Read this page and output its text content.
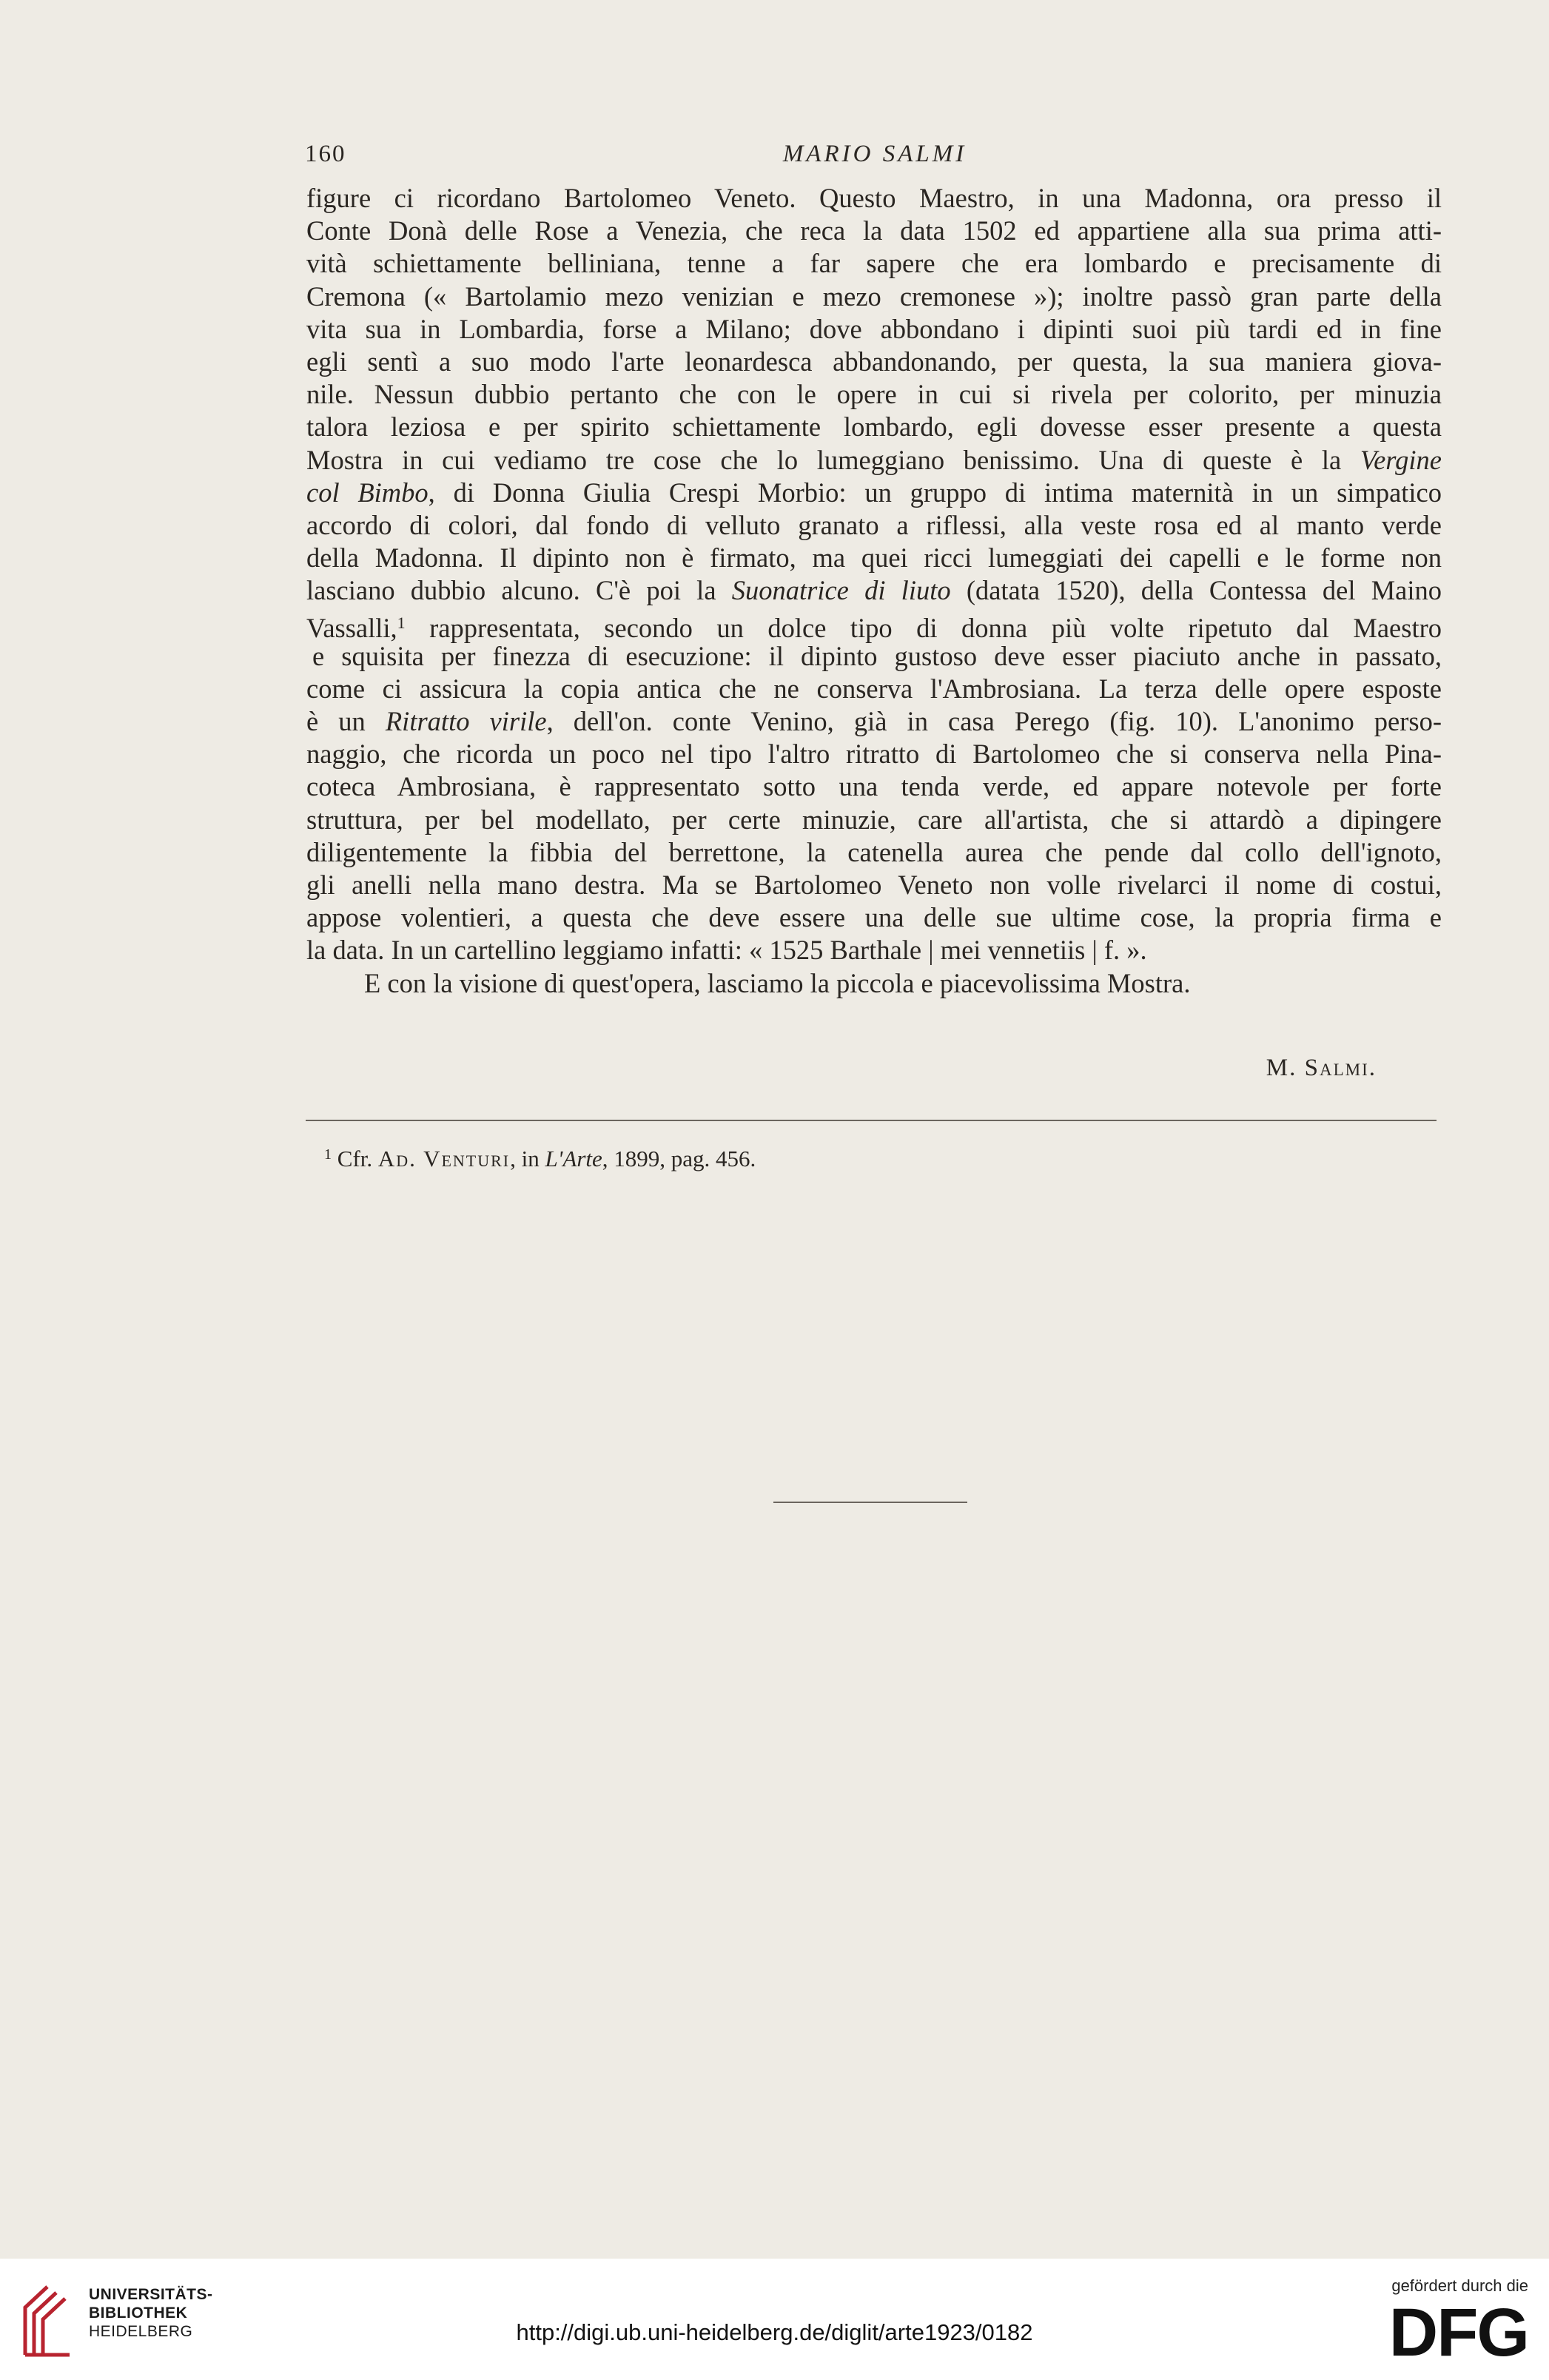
160	MARIO SALMI
figure ci ricordano Bartolomeo Veneto. Questo Maestro, in una Madonna, ora presso il
Conte Donà delle Rose a Venezia, che reca la data 1502 ed appartiene alla sua prima atti-
vità schiettamente belliniana, tenne a far sapere che era lombardo e precisamente di
Cremona (« Bartolamio mezo venizian e mezo cremonese »); inoltre passò gran parte della
vita sua in Lombardia, forse a Milano; dove abbondano i dipinti suoi più tardi ed in fine
egli sentì a suo modo l'arte leonardesca abbandonando, per questa, la sua maniera giova-
nile. Nessun dubbio pertanto che con le opere in cui si rivela per colorito, per minuzia
talora leziosa e per spirito schiettamente lombardo, egli dovesse esser presente a questa
Mostra in cui vediamo tre cose che lo lumeggiano benissimo. Una di queste è la Vergine
col Bimbo, di Donna Giulia Crespi Morbio: un gruppo di intima maternità in un simpatico
accordo di colori, dal fondo di velluto granato a riflessi, alla veste rosa ed al manto verde
della Madonna. Il dipinto non è firmato, ma quei ricci lumeggiati dei capelli e le forme non
lasciano dubbio alcuno. C'è poi la Suonatrice di liuto (datata 1520), della Contessa del Maino
Vassalli,$^1$ rappresentata, secondo un dolce tipo di donna più volte ripetuto dal Maestro
e squisita per finezza di esecuzione: il dipinto gustoso deve esser piaciuto anche in passato,
come ci assicura la copia antica che ne conserva l'Ambrosiana. La terza delle opere esposte
è un Ritratto virile, dell'on. conte Venino, già in casa Perego (fig. 10). L'anonimo perso-
naggio, che ricorda un poco nel tipo l'altro ritratto di Bartolomeo che si conserva nella Pina-
coteca Ambrosiana, è rappresentato sotto una tenda verde, ed appare notevole per forte
struttura, per bel modellato, per certe minuzie, care all'artista, che si attardò a dipingere
diligentemente la fibbia del berrettone, la catenella aurea che pende dal collo dell'ignoto,
gli anelli nella mano destra. Ma se Bartolomeo Veneto non volle rivelarci il nome di costui,
appose volentieri, a questa che deve essere una delle sue ultime cose, la propria firma e
la data. In un cartellino leggiamo infatti: « 1525 Barthale | mei vennetiis | f. ».
E con la visione di quest'opera, lasciamo la piccola e piacevolissima Mostra.
M. Salmi.
$^1$ Cfr. Ad. Venturi, in L'Arte, 1899, pag. 456.
UNIVERSITÄTS-
BIBLIOTHEK
HEIDELBERG	http://digi.ub.uni-heidelberg.de/diglit/arte1923/0182
gefördert durch die
DFG
